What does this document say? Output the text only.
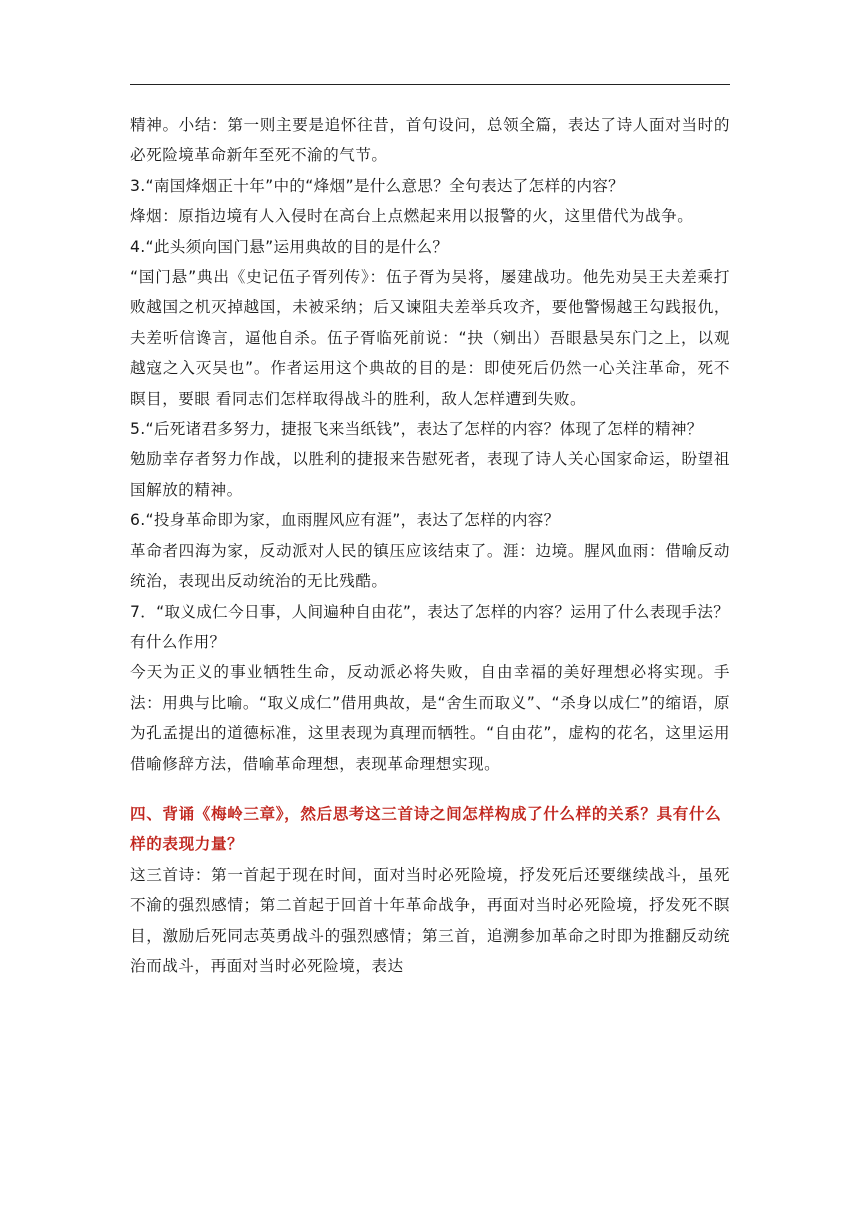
精神。小结：第一则主要是追怀往昔，首句设问，总领全篇，表达了诗人面对当时的必死险境革命新年至死不渝的气节。

3.“南国烽烟正十年”中的“烽烟”是什么意思？全句表达了怎样的内容？

烽烟：原指边境有人入侵时在高台上点燃起来用以报警的火，这里借代为战争。

4.“此头须向国门悬”运用典故的目的是什么？

“国门悬”典出《史记伍子胥列传》：伍子胥为吴将，屡建战功。他先劝吴王夫差乘打败越国之机灭掉越国，未被采纳；后又谏阻夫差举兵攻齐，要他警惕越王勾践报仇，夫差听信谗言，逼他自杀。伍子胥临死前说：“抉（剜出）吾眼悬吴东门之上，以观越寇之入灭吴也”。作者运用这个典故的目的是：即使死后仍然一心关注革命，死不瞑目，要眼 看同志们怎样取得战斗的胜利，敌人怎样遭到失败。

5.“后死诸君多努力，捷报飞来当纸钱”，表达了怎样的内容？体现了怎样的精神？

勉励幸存者努力作战，以胜利的捷报来告慰死者，表现了诗人关心国家命运，盼望祖国解放的精神。

6.“投身革命即为家，血雨腥风应有涯”，表达了怎样的内容？

革命者四海为家，反动派对人民的镇压应该结束了。涯：边境。腥风血雨：借喻反动统治，表现出反动统治的无比残酷。

7．“取义成仁今日事，人间遍种自由花”，表达了怎样的内容？运用了什么表现手法？有什么作用？

今天为正义的事业牺牲生命，反动派必将失败，自由幸福的美好理想必将实现。手法：用典与比喻。“取义成仁”借用典故，是“舍生而取义”、“杀身以成仁”的缩语，原为孔孟提出的道德标准，这里表现为真理而牺牲。“自由花”，虚构的花名，这里运用借喻修辞方法，借喻革命理想，表现革命理想实现。

四、背诵《梅岭三章》，然后思考这三首诗之间怎样构成了什么样的关系？具有什么样的表现力量？

这三首诗：第一首起于现在时间，面对当时必死险境，抒发死后还要继续战斗，虽死不渝的强烈感情；第二首起于回首十年革命战争，再面对当时必死险境，抒发死不瞑目，激励后死同志英勇战斗的强烈感情；第三首，追溯参加革命之时即为推翻反动统治而战斗，再面对当时必死险境，表达
